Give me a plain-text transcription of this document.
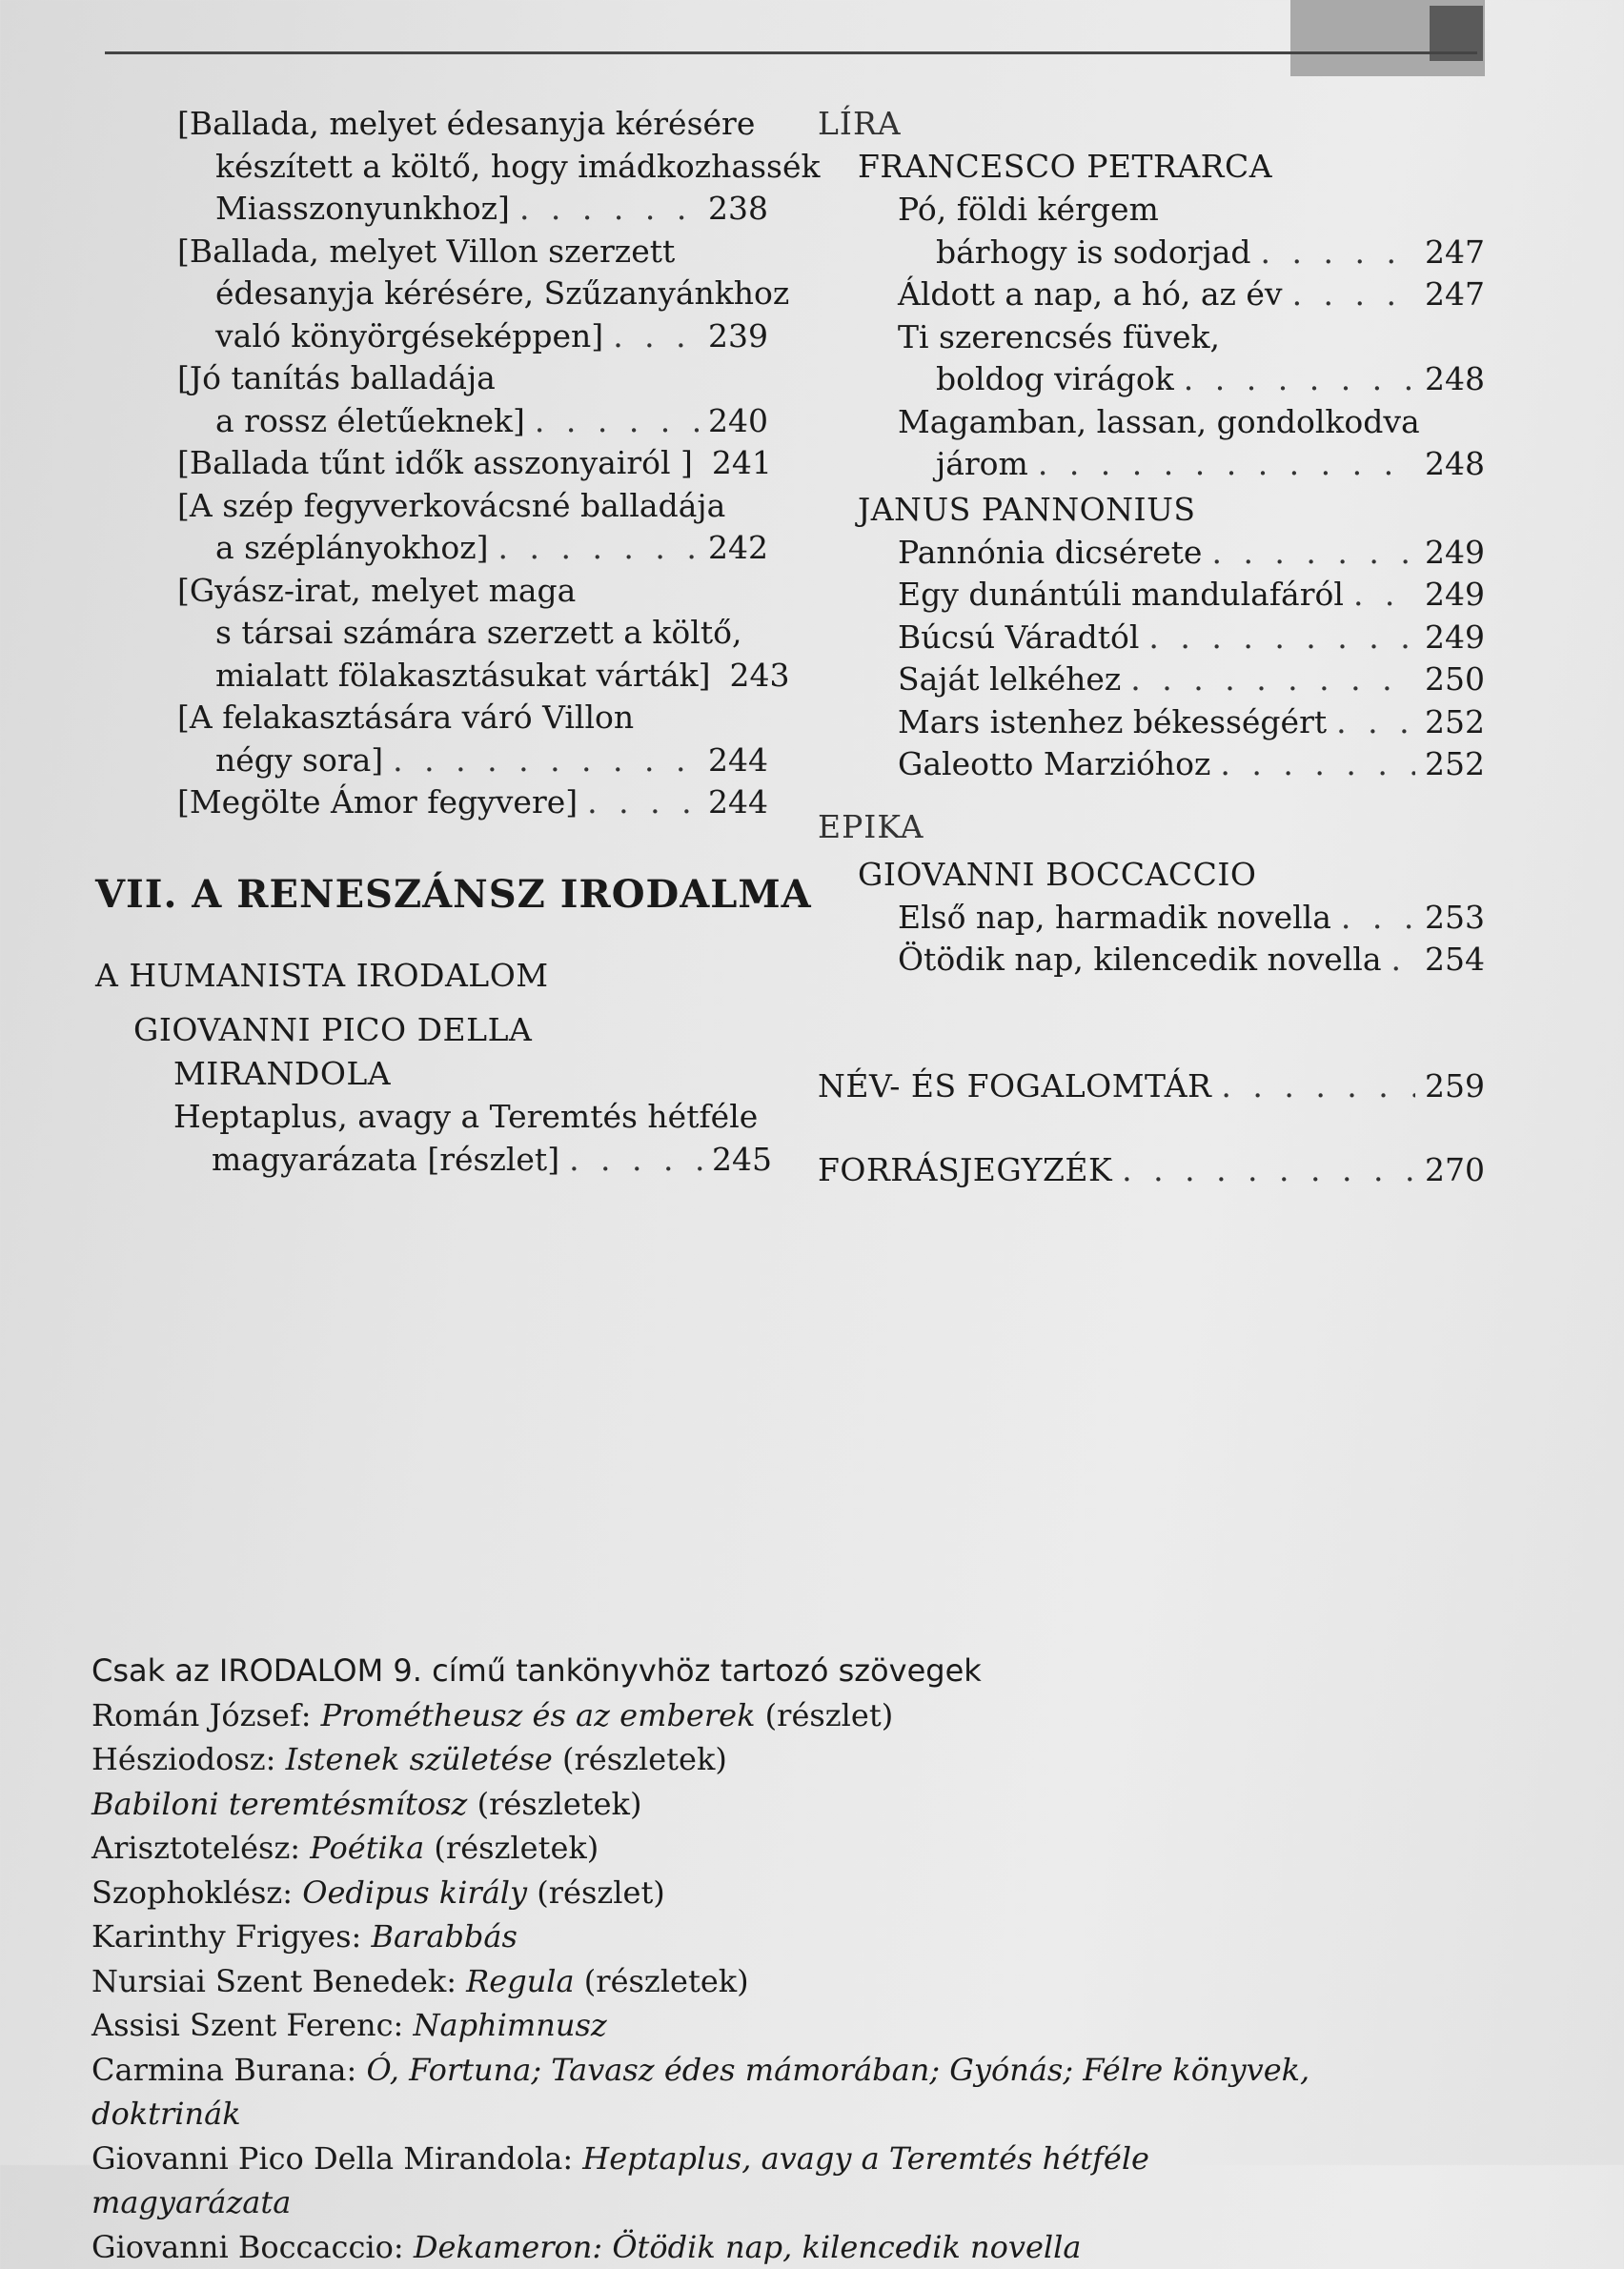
[Ballada, melyet édesanyja kérésére
készített a költő, hogy imádkozhassék
Miasszonyunkhoz] . . .	238
[Ballada, melyet Villon szerzett
édesanyja kérésére, Szűzanyánkhoz
való könyörgéseképpen] . . .	239
[Jó tanítás balladája
a rossz életűeknek] . . .	240
[Ballada tűnt idők asszonyairól ] 241
[A szép fegyverkovácsné balladája
a széplányokhoz] . . .	242
[Gyász-irat, melyet maga
s társai számára szerzett a költő,
mialatt fölakasztásukat várták] 243
[A felakasztására váró Villon
négy sora] . . .	244
[Megölte Ámor fegyvere] . . .	244
VII. A RENESZÁNSZ IRODALMA
A HUMANISTA IRODALOM
GIOVANNI PICO DELLA
MIRANDOLA
Heptaplus, avagy a Teremtés hétféle
magyarázata [részlet] . . .	245
LÍRA
FRANCESCO PETRARCA
Pó, földi kérgem
bárhogy is sodorjad . . .	247
Áldott a nap, a hó, az év . . .	247
Ti szerencsés füvek,
boldog virágok . . .	248
Magamban, lassan, gondolkodva
járom . . .	248
JANUS PANNONIUS
Pannónia dicsérete . . .	249
Egy dunántúli mandulafáról . . .	249
Búcsú Váradtól . . .	249
Saját lelkéhez . . .	250
Mars istenhez békességért . . .	252
Galeotto Marzióhoz . . .	252
EPIKA
GIOVANNI BOCCACCIO
Első nap, harmadik novella . . .	253
Ötödik nap, kilencedik novella . . . 254
NÉV- ÉS FOGALOMTÁR . . .	259
FORRÁSJEGYZÉK . . .	270
Csak az IRODALOM 9. című tankönyvhöz tartozó szövegek
Román József: Prométheusz és az emberek (részlet)
Hésziodosz: Istenek születése (részletek)
Babiloni teremtésmítosz (részletek)
Arisztotelész: Poétika (részletek)
Szophoklész: Oedipus király (részlet)
Karinthy Frigyes: Barabbás
Nursiai Szent Benedek: Regula (részletek)
Assisi Szent Ferenc: Naphimnusz
Carmina Burana: Ó, Fortuna; Tavasz édes mámorában; Gyónás; Félre könyvek, doktrinák
Giovanni Pico Della Mirandola: Heptaplus, avagy a Teremtés hétféle magyarázata
Giovanni Boccaccio: Dekameron: Ötödik nap, kilencedik novella
